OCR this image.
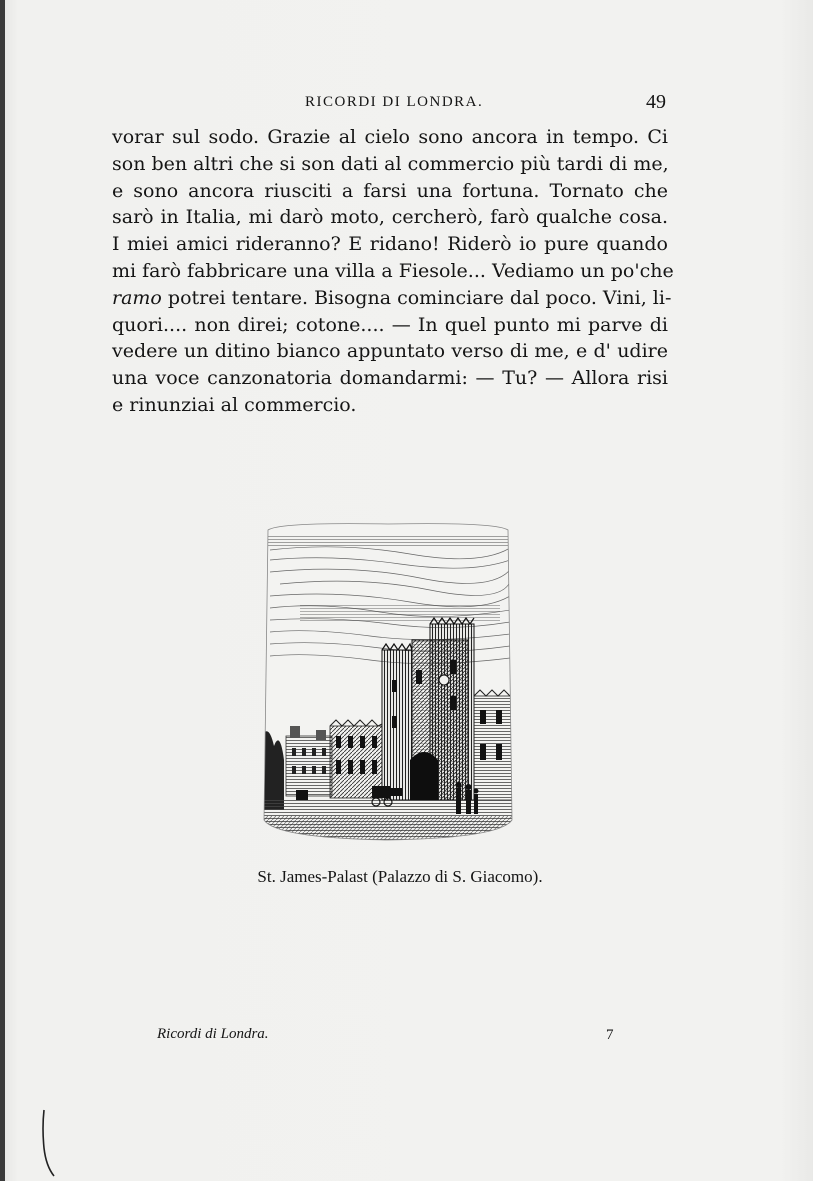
RICORDI DI LONDRA.	49
vorar sul sodo. Grazie al cielo sono ancora in tempo. Ci
son ben altri che si son dati al commercio più tardi di me,
e sono ancora riusciti a farsi una fortuna. Tornato che
sarò in Italia, mi darò moto, cercherò, farò qualche cosa.
I miei amici rideranno? E ridano! Riderò io pure quando
mi farò fabbricare una villa a Fiesole... Vediamo un po'che
ramo potrei tentare. Bisogna cominciare dal poco. Vini, li-
quori.... non direi; cotone.... — In quel punto mi parve di
vedere un ditino bianco appuntato verso di me, e d' udire
una voce canzonatoria domandarmi: — Tu? — Allora risi
e rinunziai al commercio.
St. James-Palast (Palazzo di S. Giacomo).
Ricordi di Londra.	7
